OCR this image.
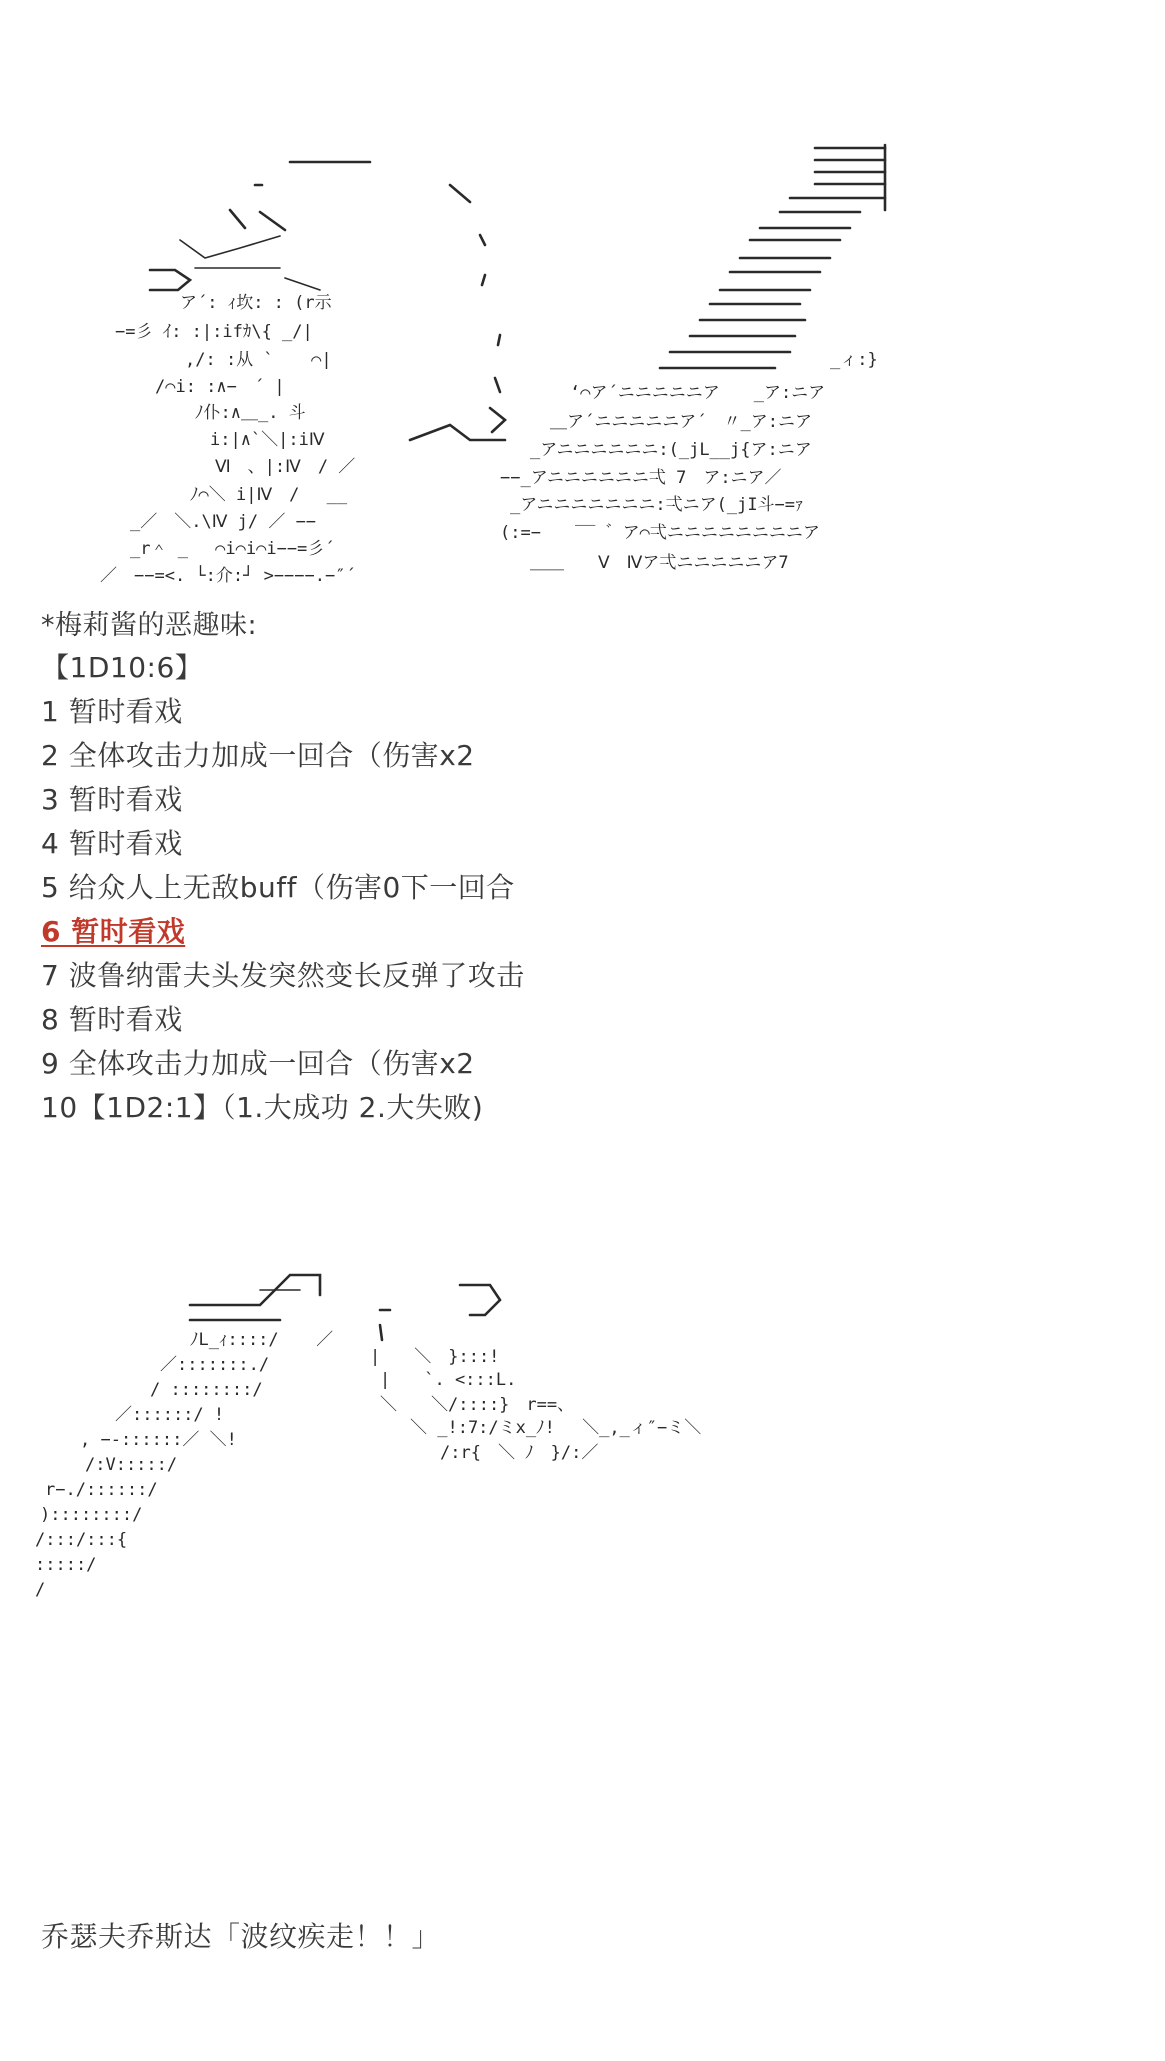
ア´: ｨ坎: : (r示
−=彡 ｲ: :|:ifｶ\{ _/|
,/: :从 ` 　 ⌒|
/⌒i: :∧−　´ |
ﾉ仆:∧＿_. 斗
i:|∧`＼|:iⅣ
Ⅵ　、|:Ⅳ　/ ／
ﾉ⌒＼ i|Ⅳ　/ 　__
_／　＼.\Ⅳ j/ ／ −−
_r＾ _ 　⌒i⌒i⌒i−−=彡´
／　−−=<. └:介:┘ >−−−−.−″´
_ィ:}
‘⌒ア´ニニニニニア　　_ア:ニア
＿ア´ニニニニニア´　〃_ア:ニア
_アニニニニニニ:(_jL__j{ア:ニア
−−_アニニニニニニ弌 7　ア:ニア／
_アニニニニニニニ:弌ニア(_jI斗−=ｧ
(:=−　　‾‾ ゛ア⌒弌ニニニニニニニニア
＿＿　　Ⅴ　Ⅳア弌ニニニニニア7
*梅莉酱的恶趣味:
【1D10:6】
1 暂时看戏
2 全体攻击力加成一回合（伤害x2
3 暂时看戏
4 暂时看戏
5 给众人上无敌buff（伤害0下一回合
6 暂时看戏
7 波鲁纳雷夫头发突然变长反弹了攻击
8 暂时看戏
9 全体攻击力加成一回合（伤害x2
10【1D2:1】（1.大成功 2.大失败)
ﾉL_ｨ::::/ 　 ／
／:::::::./
/ ::::::::/
／::::::/ !
, −‐::::::／ ＼!
/:V:::::/
r−./::::::/
)::::::::/
/:::/:::{
:::::/
/
|　　＼　}:::!
|　　`. <:::L.
＼　　＼/::::}　r==、
＼ _!:7:/ミx_ﾉ!　 ＼_,_ィ″−ミ＼
/:r{　＼ ﾉ　}/:／
乔瑟夫乔斯达「波纹疾走！！」
